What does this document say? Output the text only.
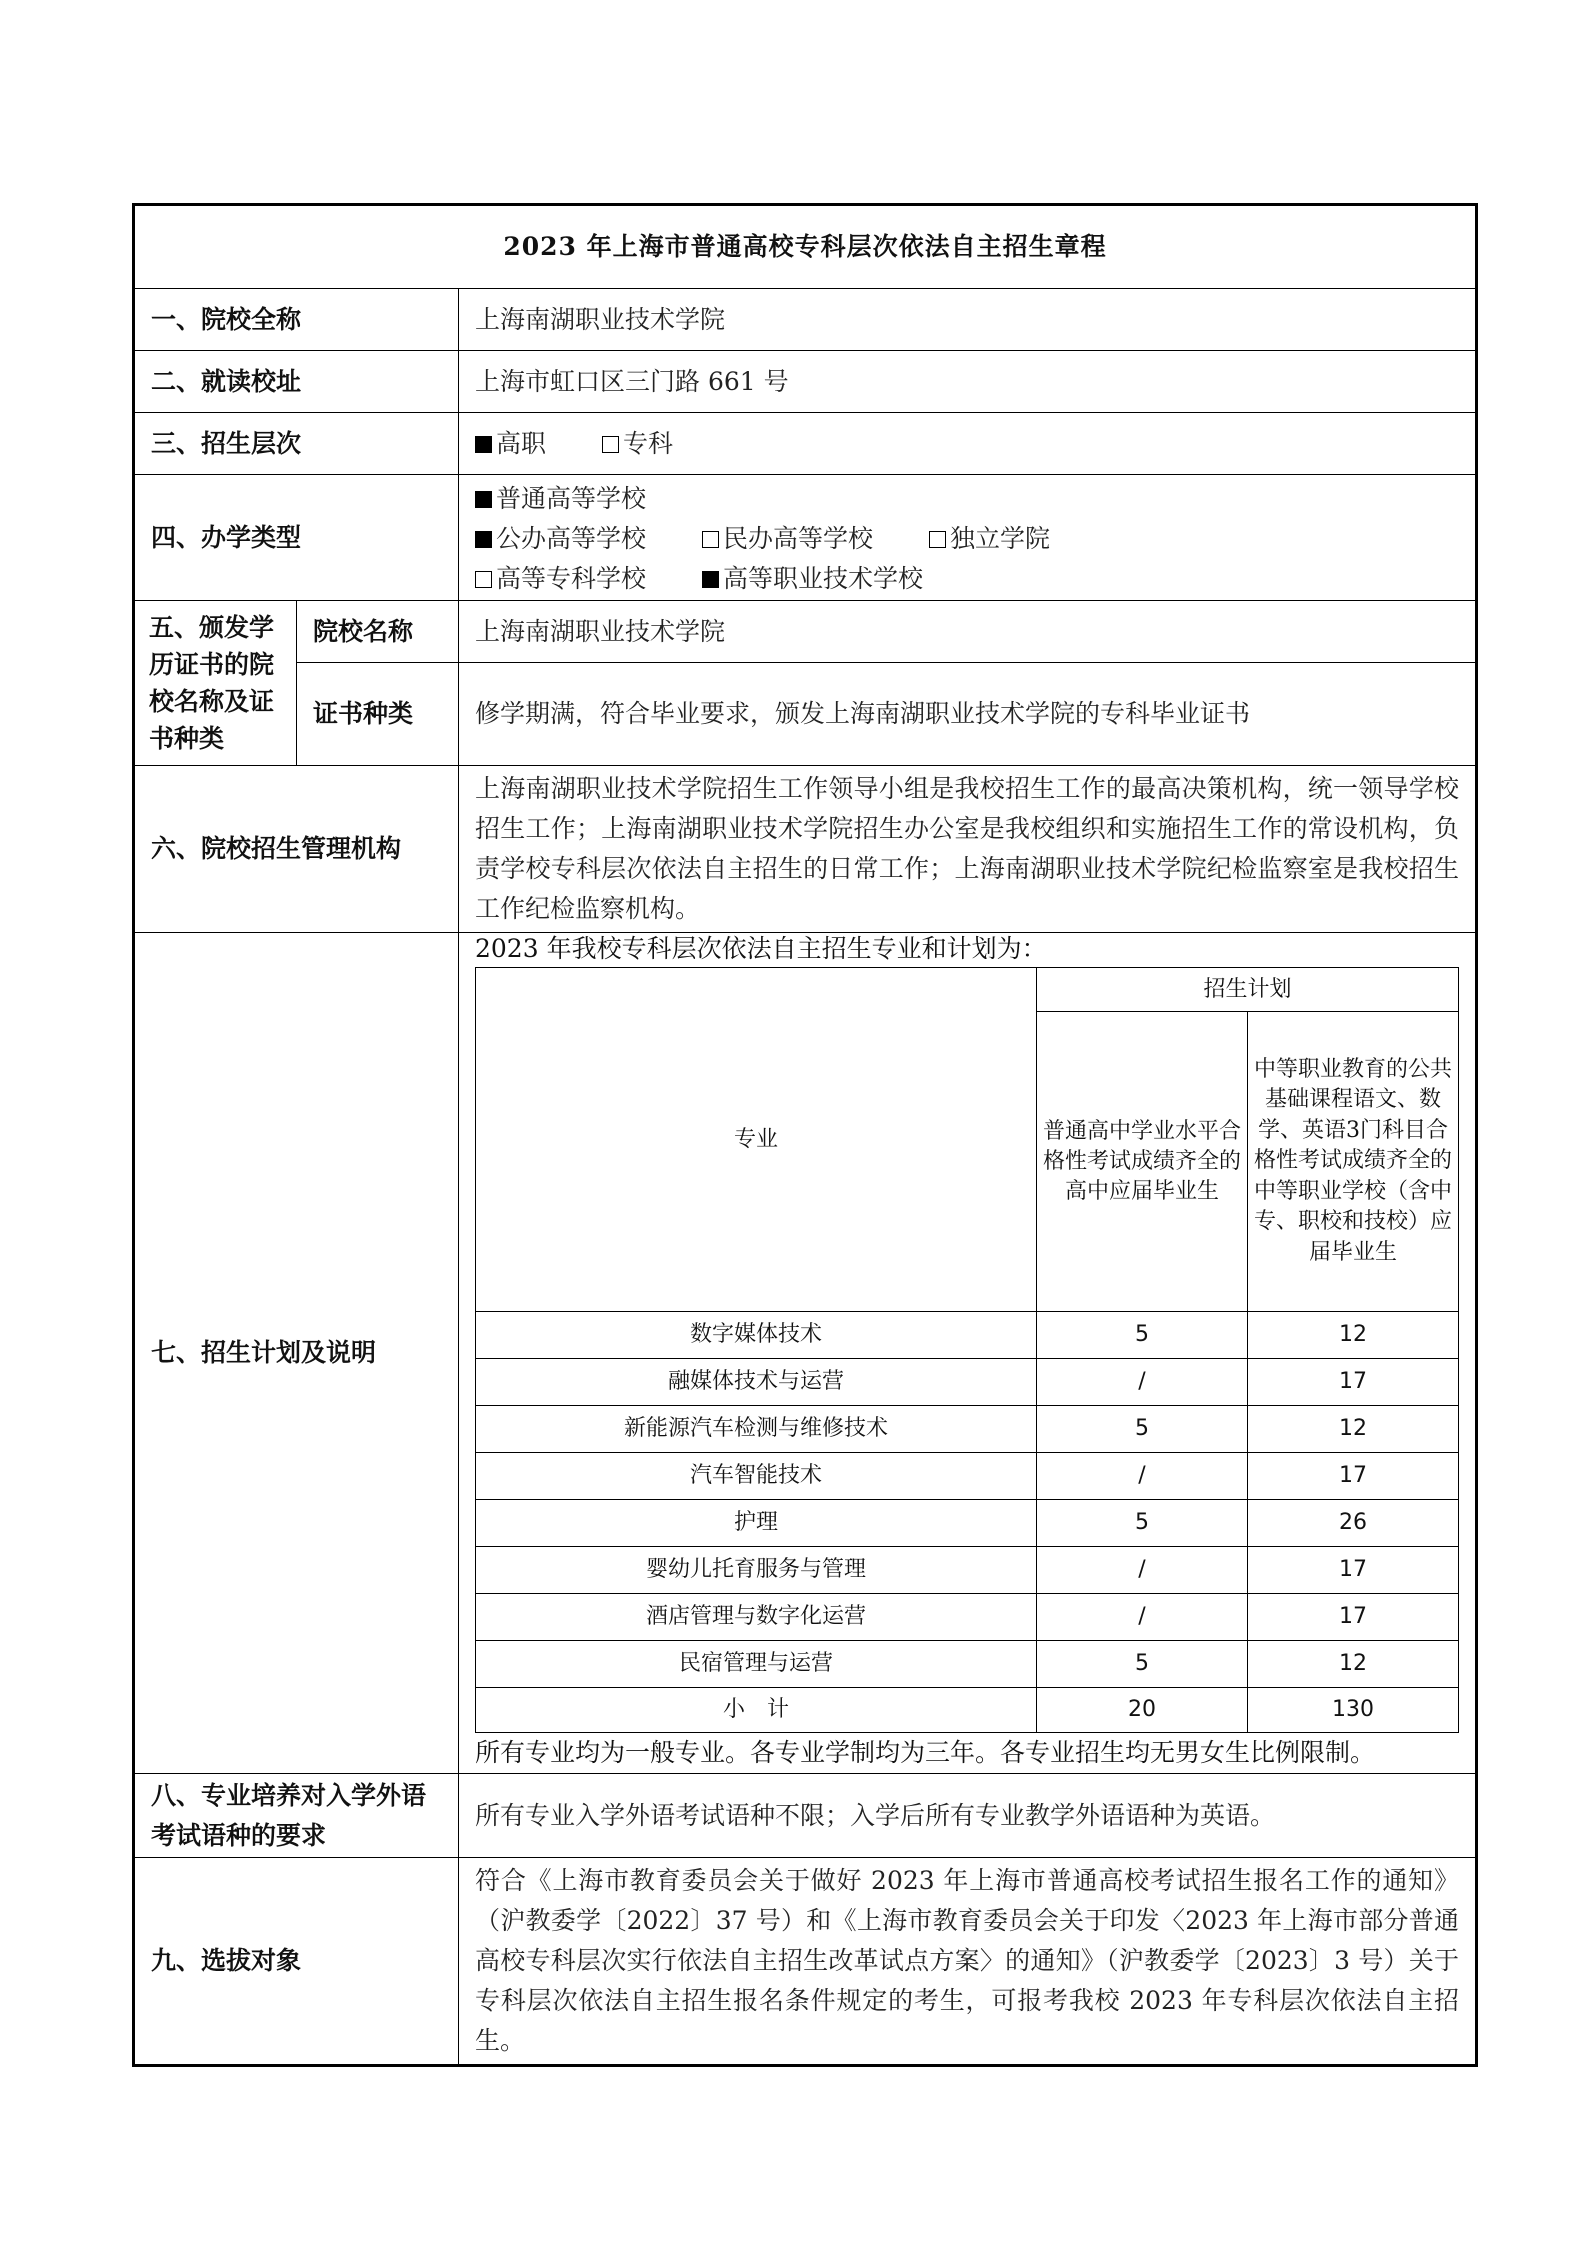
2023 年上海市普通高校专科层次依法自主招生章程
一、院校全称	上海南湖职业技术学院
二、就读校址	上海市虹口区三门路 661 号
三、招生层次	高职	专科
四、办学类型	
普通高等学校
公办高等学校	民办高等学校	独立学院
高等专科学校	高等职业技术学校

五、颁发学历证书的院校名称及证书种类	院校名称	上海南湖职业技术学院
证书种类	修学期满，符合毕业要求，颁发上海南湖职业技术学院的专科毕业证书
六、院校招生管理机构	上海南湖职业技术学院招生工作领导小组是我校招生工作的最高决策机构，统一领导学校招生工作；上海南湖职业技术学院招生办公室是我校组织和实施招生工作的常设机构，负责学校专科层次依法自主招生的日常工作；上海南湖职业技术学院纪检监察室是我校招生工作纪检监察机构。
七、招生计划及说明	
2023 年我校专科层次依法自主招生专业和计划为：
专业	招生计划
普通高中学业水平合格性考试成绩齐全的高中应届毕业生	中等职业教育的公共基础课程语文、数学、英语3门科目合格性考试成绩齐全的中等职业学校（含中专、职校和技校）应届毕业生
数字媒体技术	5	12
融媒体技术与运营	/	17
新能源汽车检测与维修技术	5	12
汽车智能技术	/	17
护理	5	26
婴幼儿托育服务与管理	/	17
酒店管理与数字化运营	/	17
民宿管理与运营	5	12
小　计	20	130
所有专业均为一般专业。各专业学制均为三年。各专业招生均无男女生比例限制。

八、专业培养对入学外语考试语种的要求	所有专业入学外语考试语种不限；入学后所有专业教学外语语种为英语。
九、选拔对象	符合《上海市教育委员会关于做好 2023 年上海市普通高校考试招生报名工作的通知》（沪教委学〔2022〕37 号）和《上海市教育委员会关于印发〈2023 年上海市部分普通高校专科层次实行依法自主招生改革试点方案〉的通知》（沪教委学〔2023〕3 号）关于专科层次依法自主招生报名条件规定的考生，可报考我校 2023 年专科层次依法自主招生。
